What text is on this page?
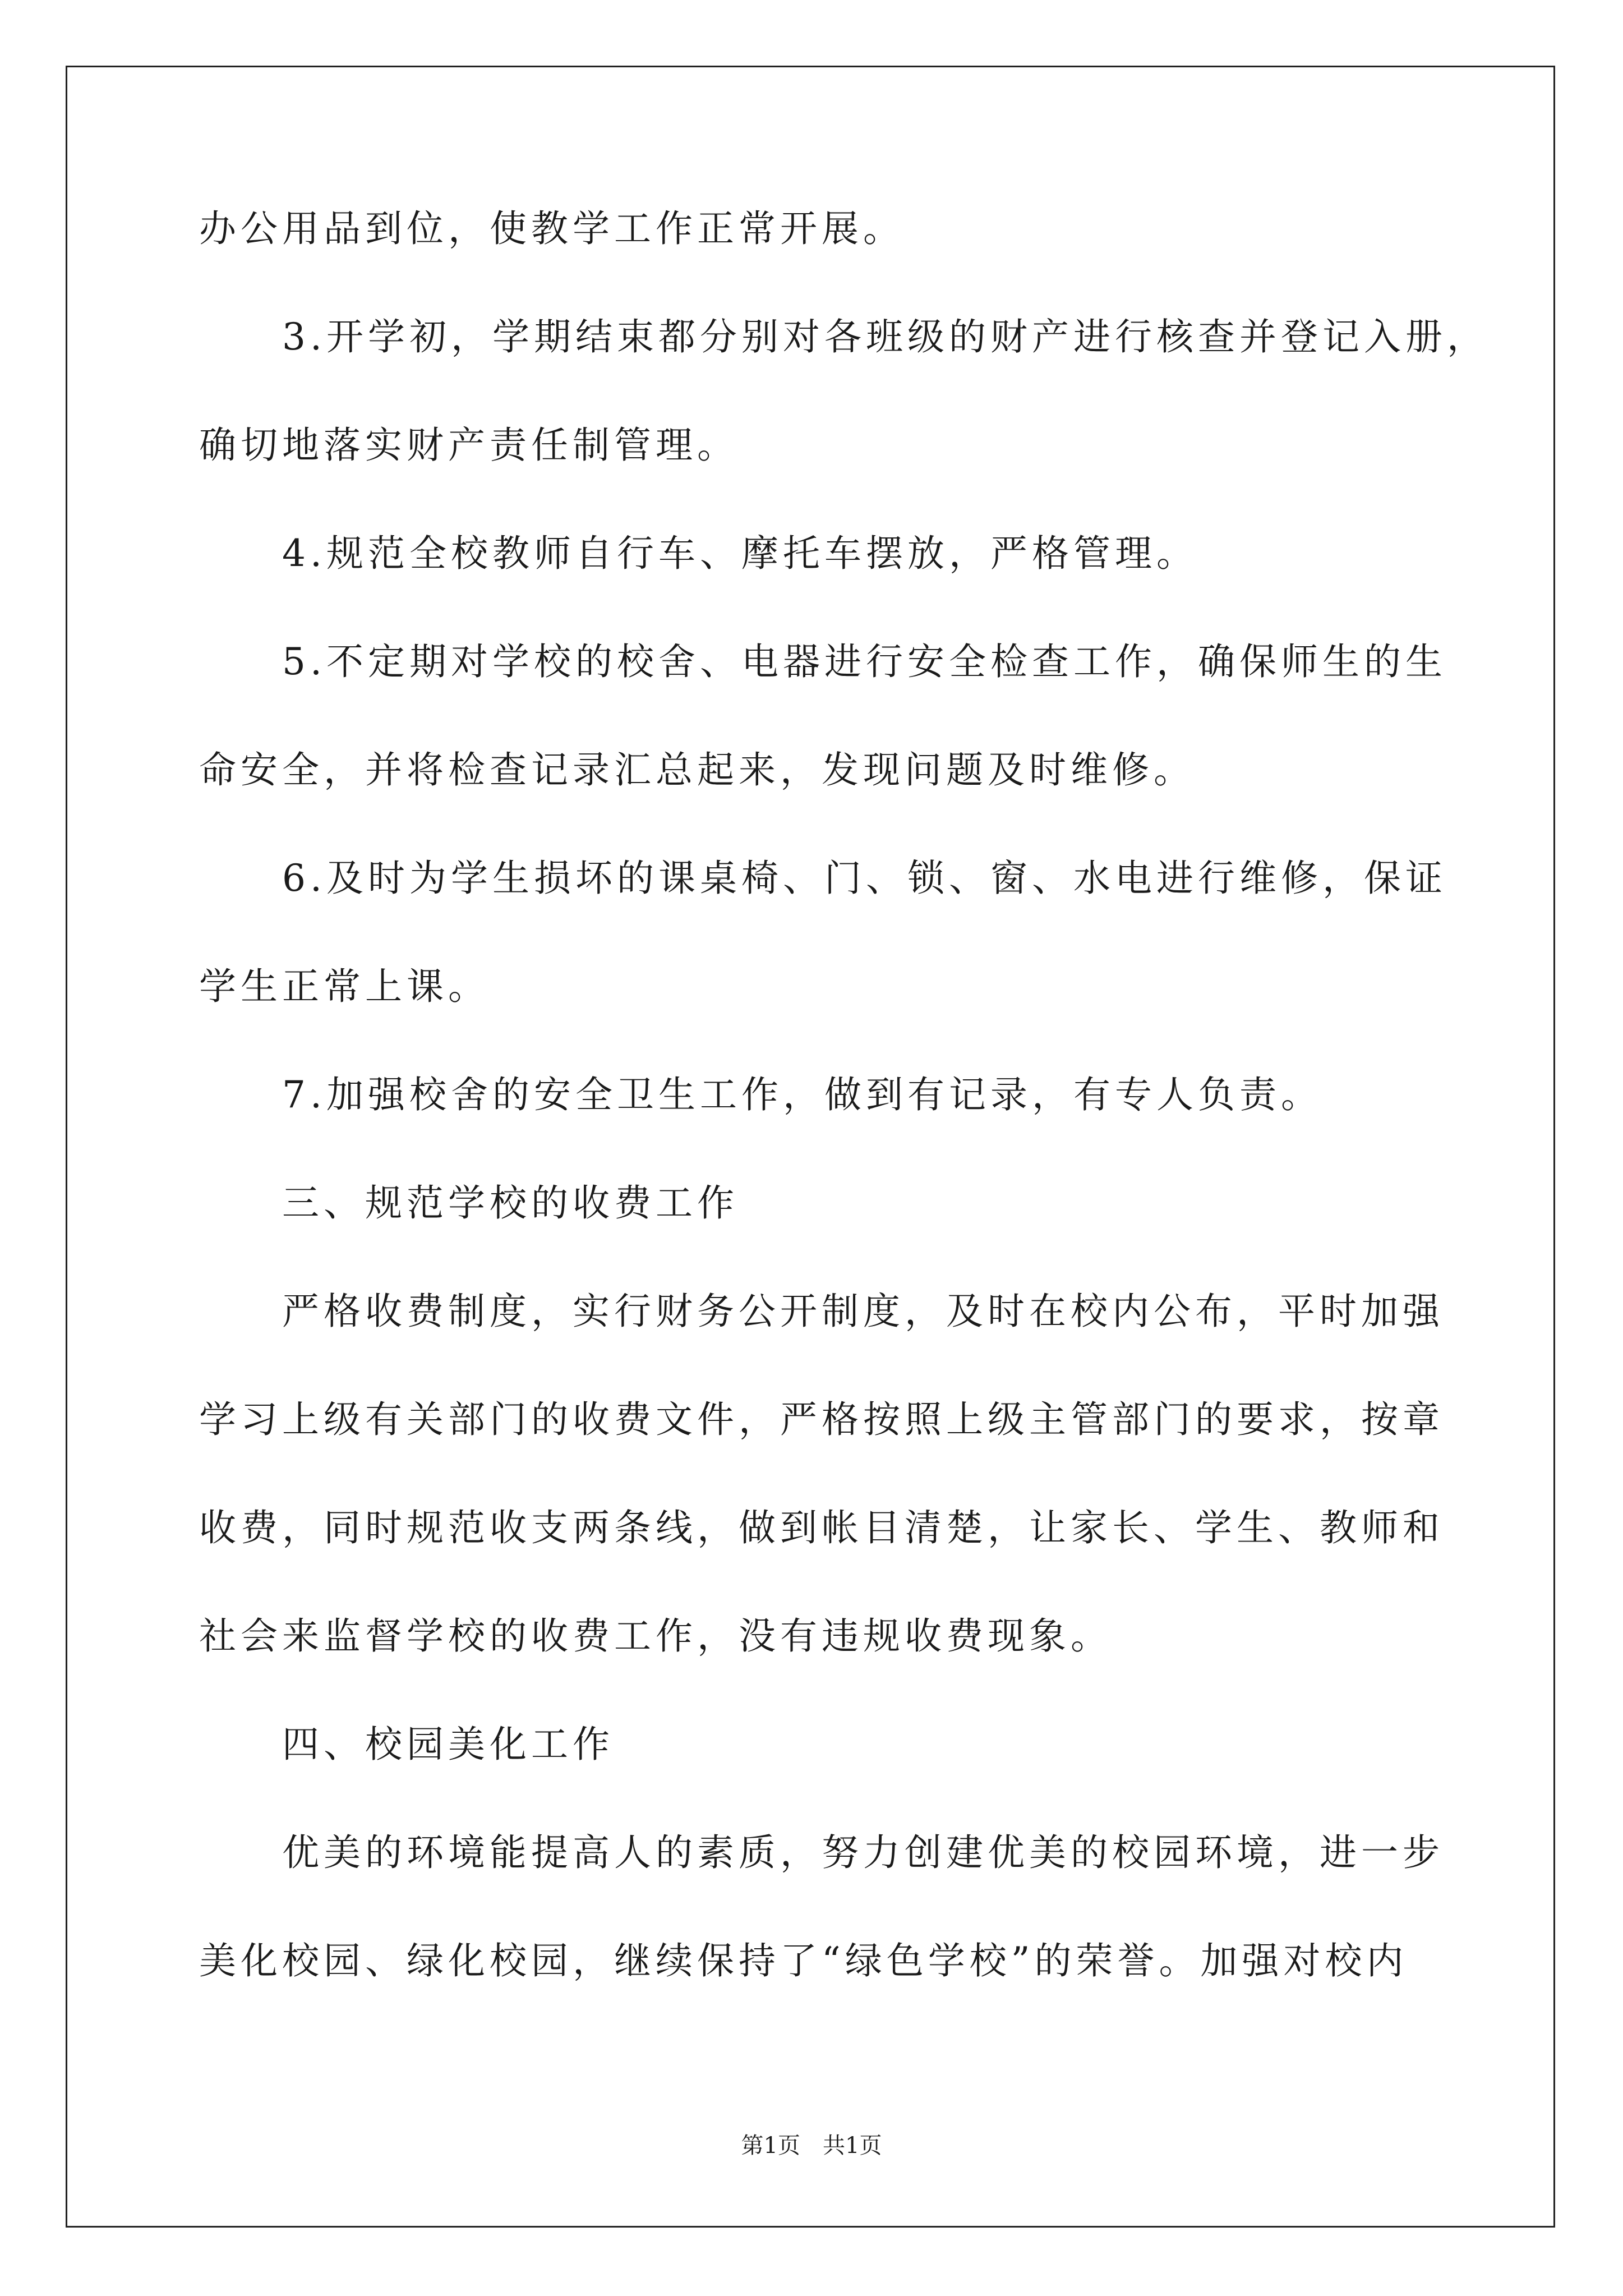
办公用品到位，使教学工作正常开展。
3.开学初，学期结束都分别对各班级的财产进行核查并登记入册，
确切地落实财产责任制管理。
4.规范全校教师自行车、摩托车摆放，严格管理。
5.不定期对学校的校舍、电器进行安全检查工作，确保师生的生
命安全，并将检查记录汇总起来，发现问题及时维修。
6.及时为学生损坏的课桌椅、门、锁、窗、水电进行维修，保证
学生正常上课。
7.加强校舍的安全卫生工作，做到有记录，有专人负责。
三、规范学校的收费工作
严格收费制度，实行财务公开制度，及时在校内公布，平时加强
学习上级有关部门的收费文件，严格按照上级主管部门的要求，按章
收费，同时规范收支两条线，做到帐目清楚，让家长、学生、教师和
社会来监督学校的收费工作，没有违规收费现象。
四、校园美化工作
优美的环境能提高人的素质，努力创建优美的校园环境，进一步
美化校园、绿化校园，继续保持了“绿色学校”的荣誉。加强对校内
第1页　共1页
